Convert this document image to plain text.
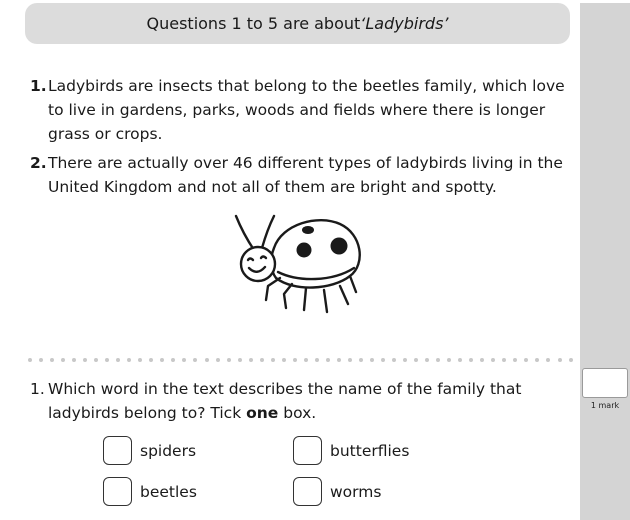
Questions 1 to 5 are about ‘Ladybirds’
1 mark
1. Ladybirds are insects that belong to the beetles family, which love to live in gardens, parks, woods and fields where there is longer grass or crops.
2. There are actually over 46 different types of ladybirds living in the United Kingdom and not all of them are bright and spotty.
1. Which word in the text describes the name of the family that ladybirds belong to? Tick one box.
spiders	butterflies
beetles	worms
